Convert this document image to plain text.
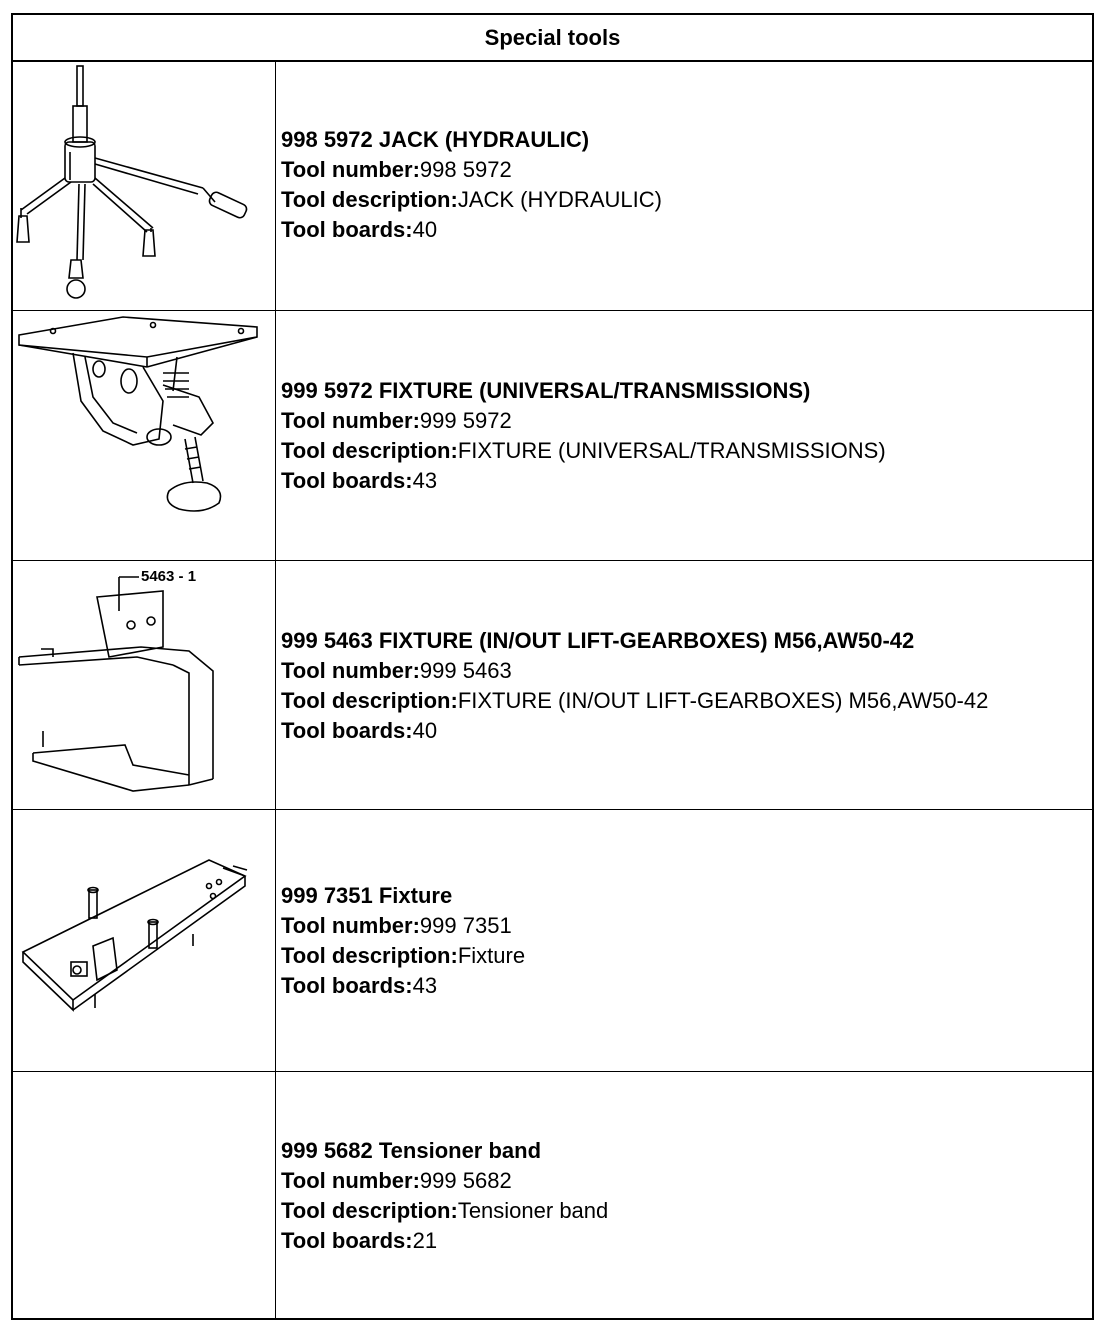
Special tools
998 5972 JACK (HYDRAULIC)
Tool number:998 5972
Tool description:JACK (HYDRAULIC)
Tool boards:40
999 5972 FIXTURE (UNIVERSAL/TRANSMISSIONS)
Tool number:999 5972
Tool description:FIXTURE (UNIVERSAL/TRANSMISSIONS)
Tool boards:43
5463 - 1
999 5463 FIXTURE (IN/OUT LIFT-GEARBOXES) M56,AW50-42
Tool number:999 5463
Tool description:FIXTURE (IN/OUT LIFT-GEARBOXES) M56,AW50-42
Tool boards:40
999 7351 Fixture
Tool number:999 7351
Tool description:Fixture
Tool boards:43
999 5682 Tensioner band
Tool number:999 5682
Tool description:Tensioner band
Tool boards:21
